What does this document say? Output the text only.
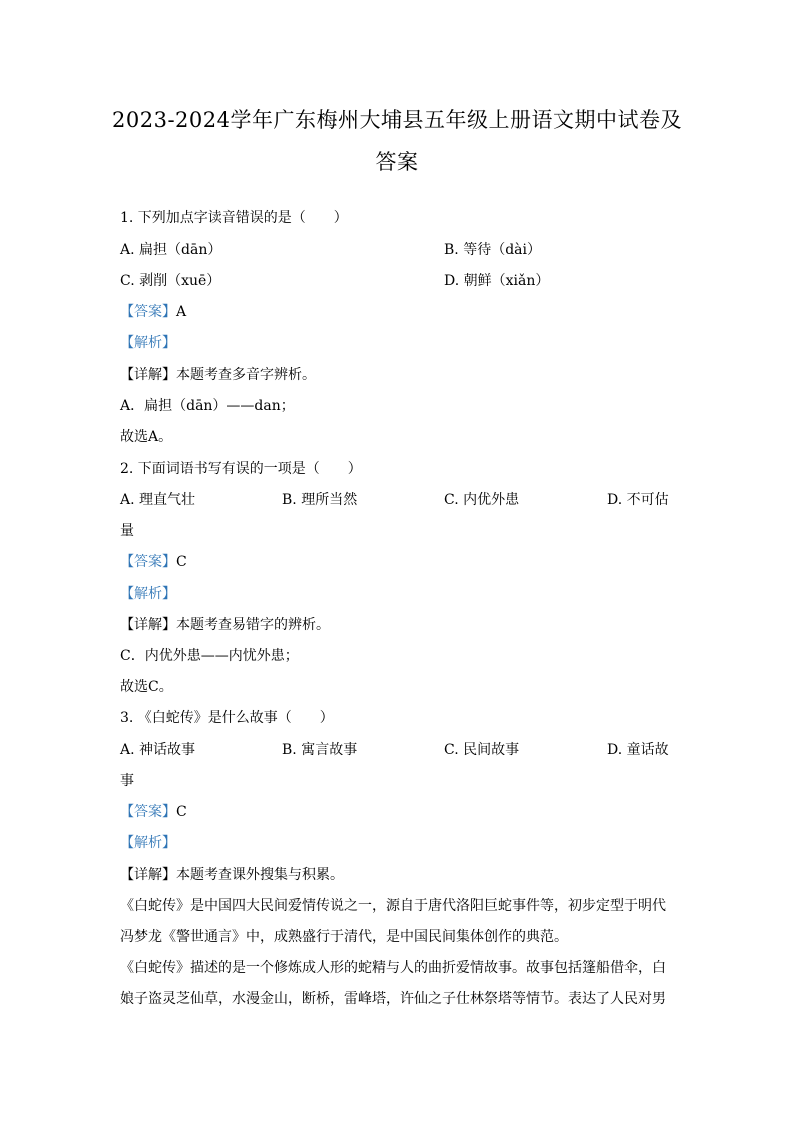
2023-2024学年广东梅州大埔县五年级上册语文期中试卷及
答案
1. 下列加点字读音错误的是（　　）
A. 扁担（dān）	B. 等待（dài）
C. 剥削（xuē）	D. 朝鲜（xiǎn）
【答案】A
【解析】
【详解】本题考查多音字辨析。
A．扁担（dān）——dan；
故选A。
2. 下面词语书写有误的一项是（　　）
A. 理直气壮	B. 理所当然	C. 内优外患	D. 不可估
量
【答案】C
【解析】
【详解】本题考查易错字的辨析。
C．内优外患——内忧外患；
故选C。
3. 《白蛇传》是什么故事（　　）
A. 神话故事	B. 寓言故事	C. 民间故事	D. 童话故
事
【答案】C
【解析】
【详解】本题考查课外搜集与积累。
《白蛇传》是中国四大民间爱情传说之一，源自于唐代洛阳巨蛇事件等，初步定型于明代
冯梦龙《警世通言》中，成熟盛行于清代，是中国民间集体创作的典范。
《白蛇传》描述的是一个修炼成人形的蛇精与人的曲折爱情故事。故事包括篷船借伞，白
娘子盗灵芝仙草，水漫金山，断桥，雷峰塔，许仙之子仕林祭塔等情节。表达了人民对男
